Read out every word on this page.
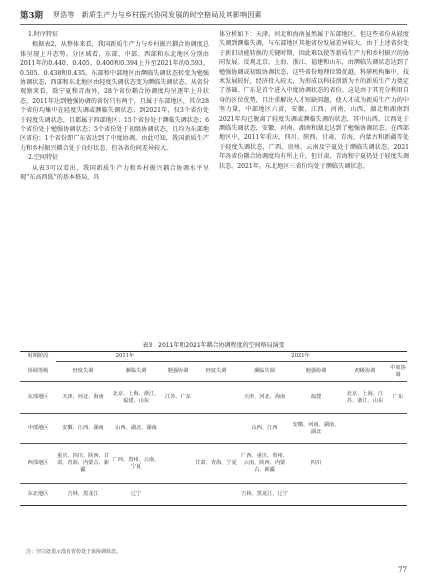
第3期 罗浩等　新质生产力与乡村振兴协同发展的时空格局及其影响因素

1.时序特征

根据表2，从整体来看，我国新质生产力与乡村振兴耦合协调度总体呈现上升态势。分区域看，东部、中部、西部和东北地区分别由2011年的0.440、0.405、0.400和0.394上升至2021年的0.593、0.505、0.438和0.435。东部和中部地区由濒临失调状态转变为勉强协调状态，西部和东北地区由轻度失调状态变为濒临失调状态。从省份观察来看，除宁夏和青海外，28个省份耦合协调度均呈逐年上升状态，2011年达到勉强协调的省份只有两个，且属于东部地区，其余28个省份均集中在轻度失调或濒临失调状态；到2021年，仅3个省份处于轻度失调状态，且都属于西部地区；15个省份处于濒临失调状态；6个省份处于勉强协调状态；5个省份处于初级协调状态，且均为东部地区省份；1个省份即广东省达到了中度协调。由此可知，我国新质生产力和乡村振兴耦合处于良好状态，但各省份间差异较大。

2.空间特征

从表3可以看出，我国新质生产力和乡村振兴耦合协调水平呈现“东高西低”的基本格局，具

体分析如下：天津、河北和海南虽然属于东部地区，但这些省份从轻度失调到濒临失调，与东部地区其他省份发展差异较大，由于上述省份处于新旧动能转换的关键时期，因此难以使等新质生产力和乡村振兴的协同发展。反观北京、上海、浙江、福建和山东，由濒临失调状态达到了勉强协调或初级协调状态，这些省份地理位置优越，科研机构集中，技术发展较好，经济投入较大，为形成以科技创新为主的新质生产力奠定了基础。广东是首个进入中度协调状态的省份。这是由于其充分利用自身的区位优势，且注重解决人才短缺问题，使人才成为新质生产力的中坚力量，中部地区六省，安徽、江西、河南、山西、湖北和湖南到2021年均已脱离了轻度失调或濒临失调的状态，其中山西、江西处于濒临失调状态，安徽、河南、湖南和湖北达到了勉强协调状态。在西部地区中，2011年重庆、四川、陕西、甘肃、青海、内蒙古和新疆等处于轻度失调状态，广西、贵州、云南及宁夏处于濒临失调状态，2021年各省份耦合协调度均有所上升，但甘肃、青海和宁夏仍处于轻度失调状态。2021年，东北地区三省份均处于濒临失调状态。

表3　2011年和2021年耦合协调程度的空间格局演变
时期阶段	2011年			2021年				
协调等级	轻度失调	濒临失调	勉强协调	轻度失调	濒临失调	勉强协调	初级协调	中度协调
东部地区	天津、河北、海南	北京、上海、浙江、福建、山东	江苏、广东		天津、河北、海南	福建	北京、上海、江苏、浙江、山东	广东
中部地区	安徽、江西、湖南	山西、湖北、湖南			山西、江西	安徽、河南、湖南、湖北		
西部地区	重庆、四川、陕西、甘肃、青海、内蒙古、新疆	广西、贵州、云南、宁夏		甘肃、青海、宁夏	广西、重庆、贵州、云南、陕西、内蒙古、新疆	四川		
东北地区	吉林、黑龙江	辽宁			吉林、黑龙江、辽宁			
注：空白处表示没有省份处于该协调状态。
77
